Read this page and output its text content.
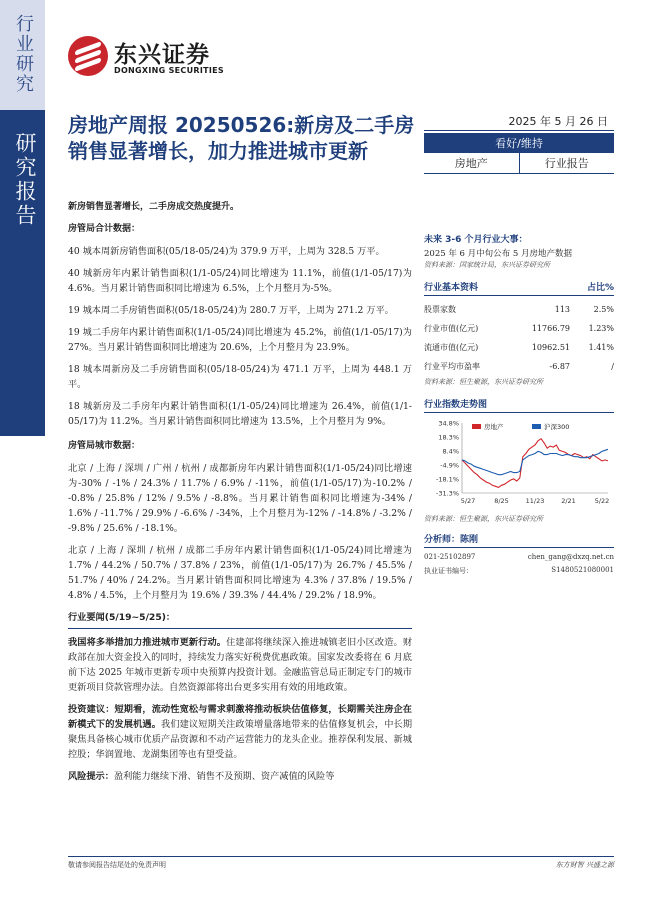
行业研究
东兴证券股份有限公司证券研究报告
东兴证券
DONGXING SECURITIES
房地产周报 20250526:新房及二手房销售显著增长，加力推进城市更新
2025 年 5 月 26 日
看好/维持
房地产	行业报告

新房销售显著增长，二手房成交热度提升。

房管局合计数据：

40 城本周新房销售面积(05/18-05/24)为 379.9 万平，上周为 328.5 万平。

40 城新房年内累计销售面积(1/1-05/24)同比增速为 11.1%，前值(1/1-05/17)为 4.6%。当月累计销售面积同比增速为 6.5%，上个月整月为-5%。

19 城本周二手房销售面积(05/18-05/24)为 280.7 万平，上周为 271.2 万平。

19 城二手房年内累计销售面积(1/1-05/24)同比增速为 45.2%，前值(1/1-05/17)为 27%。当月累计销售面积同比增速为 20.6%，上个月整月为 23.9%。

18 城本周新房及二手房销售面积(05/18-05/24)为 471.1 万平，上周为 448.1 万平。

18 城新房及二手房年内累计销售面积(1/1-05/24)同比增速为 26.4%，前值(1/1-05/17)为 11.2%。当月累计销售面积同比增速为 13.5%，上个月整月为 9%。

房管局城市数据：

北京 / 上海 / 深圳 / 广州 / 杭州 / 成都新房年内累计销售面积(1/1-05/24)同比增速为-30% / -1% / 24.3% / 11.7% / 6.9% / -11%，前值(1/1-05/17)为-10.2% / -0.8% / 25.8% / 12% / 9.5% / -8.8%。当月累计销售面积同比增速为-34% / 1.6% / -11.7% / 29.9% / -6.6% / -34%，上个月整月为-12% / -14.8% / -3.2% / -9.8% / 25.6% / -18.1%。

北京 / 上海 / 深圳 / 杭州 / 成都二手房年内累计销售面积(1/1-05/24)同比增速为 1.7% / 44.2% / 50.7% / 37.8% / 23%，前值(1/1-05/17)为 26.7% / 45.5% / 51.7% / 40% / 24.2%。当月累计销售面积同比增速为 4.3% / 37.8% / 19.5% / 4.8% / 4.5%，上个月整月为 19.6% / 39.3% / 44.4% / 29.2% / 18.9%。

行业要闻(5/19~5/25)：

我国将多举措加力推进城市更新行动。住建部将继续深入推进城镇老旧小区改造。财政部在加大资金投入的同时，持续发力落实好税费优惠政策。国家发改委将在 6 月底前下达 2025 年城市更新专项中央预算内投资计划。金融监管总局正制定专门的城市更新项目贷款管理办法。自然资源部将出台更多实用有效的用地政策。

投资建议：短期看，流动性宽松与需求刺激将推动板块估值修复，长期需关注房企在新模式下的发展机遇。我们建议短期关注政策增量落地带来的估值修复机会，中长期聚焦具备核心城市优质产品资源和不动产运营能力的龙头企业。推荐保利发展、新城控股；华润置地、龙湖集团等也有望受益。

风险提示：盈利能力继续下滑、销售不及预期、资产减值的风险等

未来 3-6 个月行业大事：
2025 年 6 月中旬公布 5 月房地产数据
资料来源：国家统计局，东兴证券研究所
行业基本资料	占比%
股票家数	113	2.5%
行业市值(亿元)	11766.79	1.23%
流通市值(亿元)	10962.51	1.41%
行业平均市盈率	-6.87	/
资料来源：恒生聚源，东兴证券研究所
行业指数走势图
34.8%
18.3%
8.4%
-4.9%
-18.1%
-31.3%
5/27	8/25	11/23	2/21	5/22
房地产	沪深300
资料来源：恒生聚源，东兴证券研究所
分析师：陈刚
021-25102897	chen_gang@dxzq.net.cn
执业证书编号：	S1480521080001
敬请参阅报告结尾处的免责声明	东方财智 兴盛之源
